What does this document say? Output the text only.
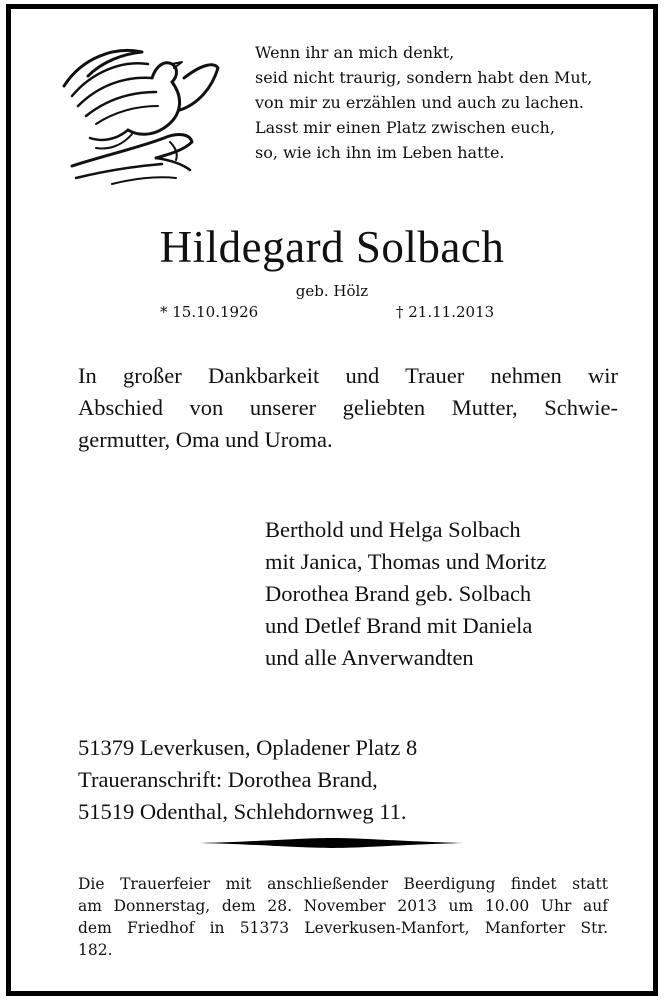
Wenn ihr an mich denkt,
seid nicht traurig, sondern habt den Mut,
von mir zu erzählen und auch zu lachen.
Lasst mir einen Platz zwischen euch,
so, wie ich ihn im Leben hatte.
Hildegard Solbach
geb. Hölz
* 15.10.1926	† 21.11.2013
In großer Dankbarkeit und Trauer nehmen wir
Abschied von unserer geliebten Mutter, Schwie-
germutter, Oma und Uroma.
Berthold und Helga Solbach
mit Janica, Thomas und Moritz
Dorothea Brand geb. Solbach
und Detlef Brand mit Daniela
und alle Anverwandten
51379 Leverkusen, Opladener Platz 8
Traueranschrift: Dorothea Brand,
51519 Odenthal, Schlehdornweg 11.
Die Trauerfeier mit anschließender Beerdigung findet statt
am Donnerstag, dem 28. November 2013 um 10.00 Uhr auf
dem Friedhof in 51373 Leverkusen-Manfort, Manforter Str.
182.
